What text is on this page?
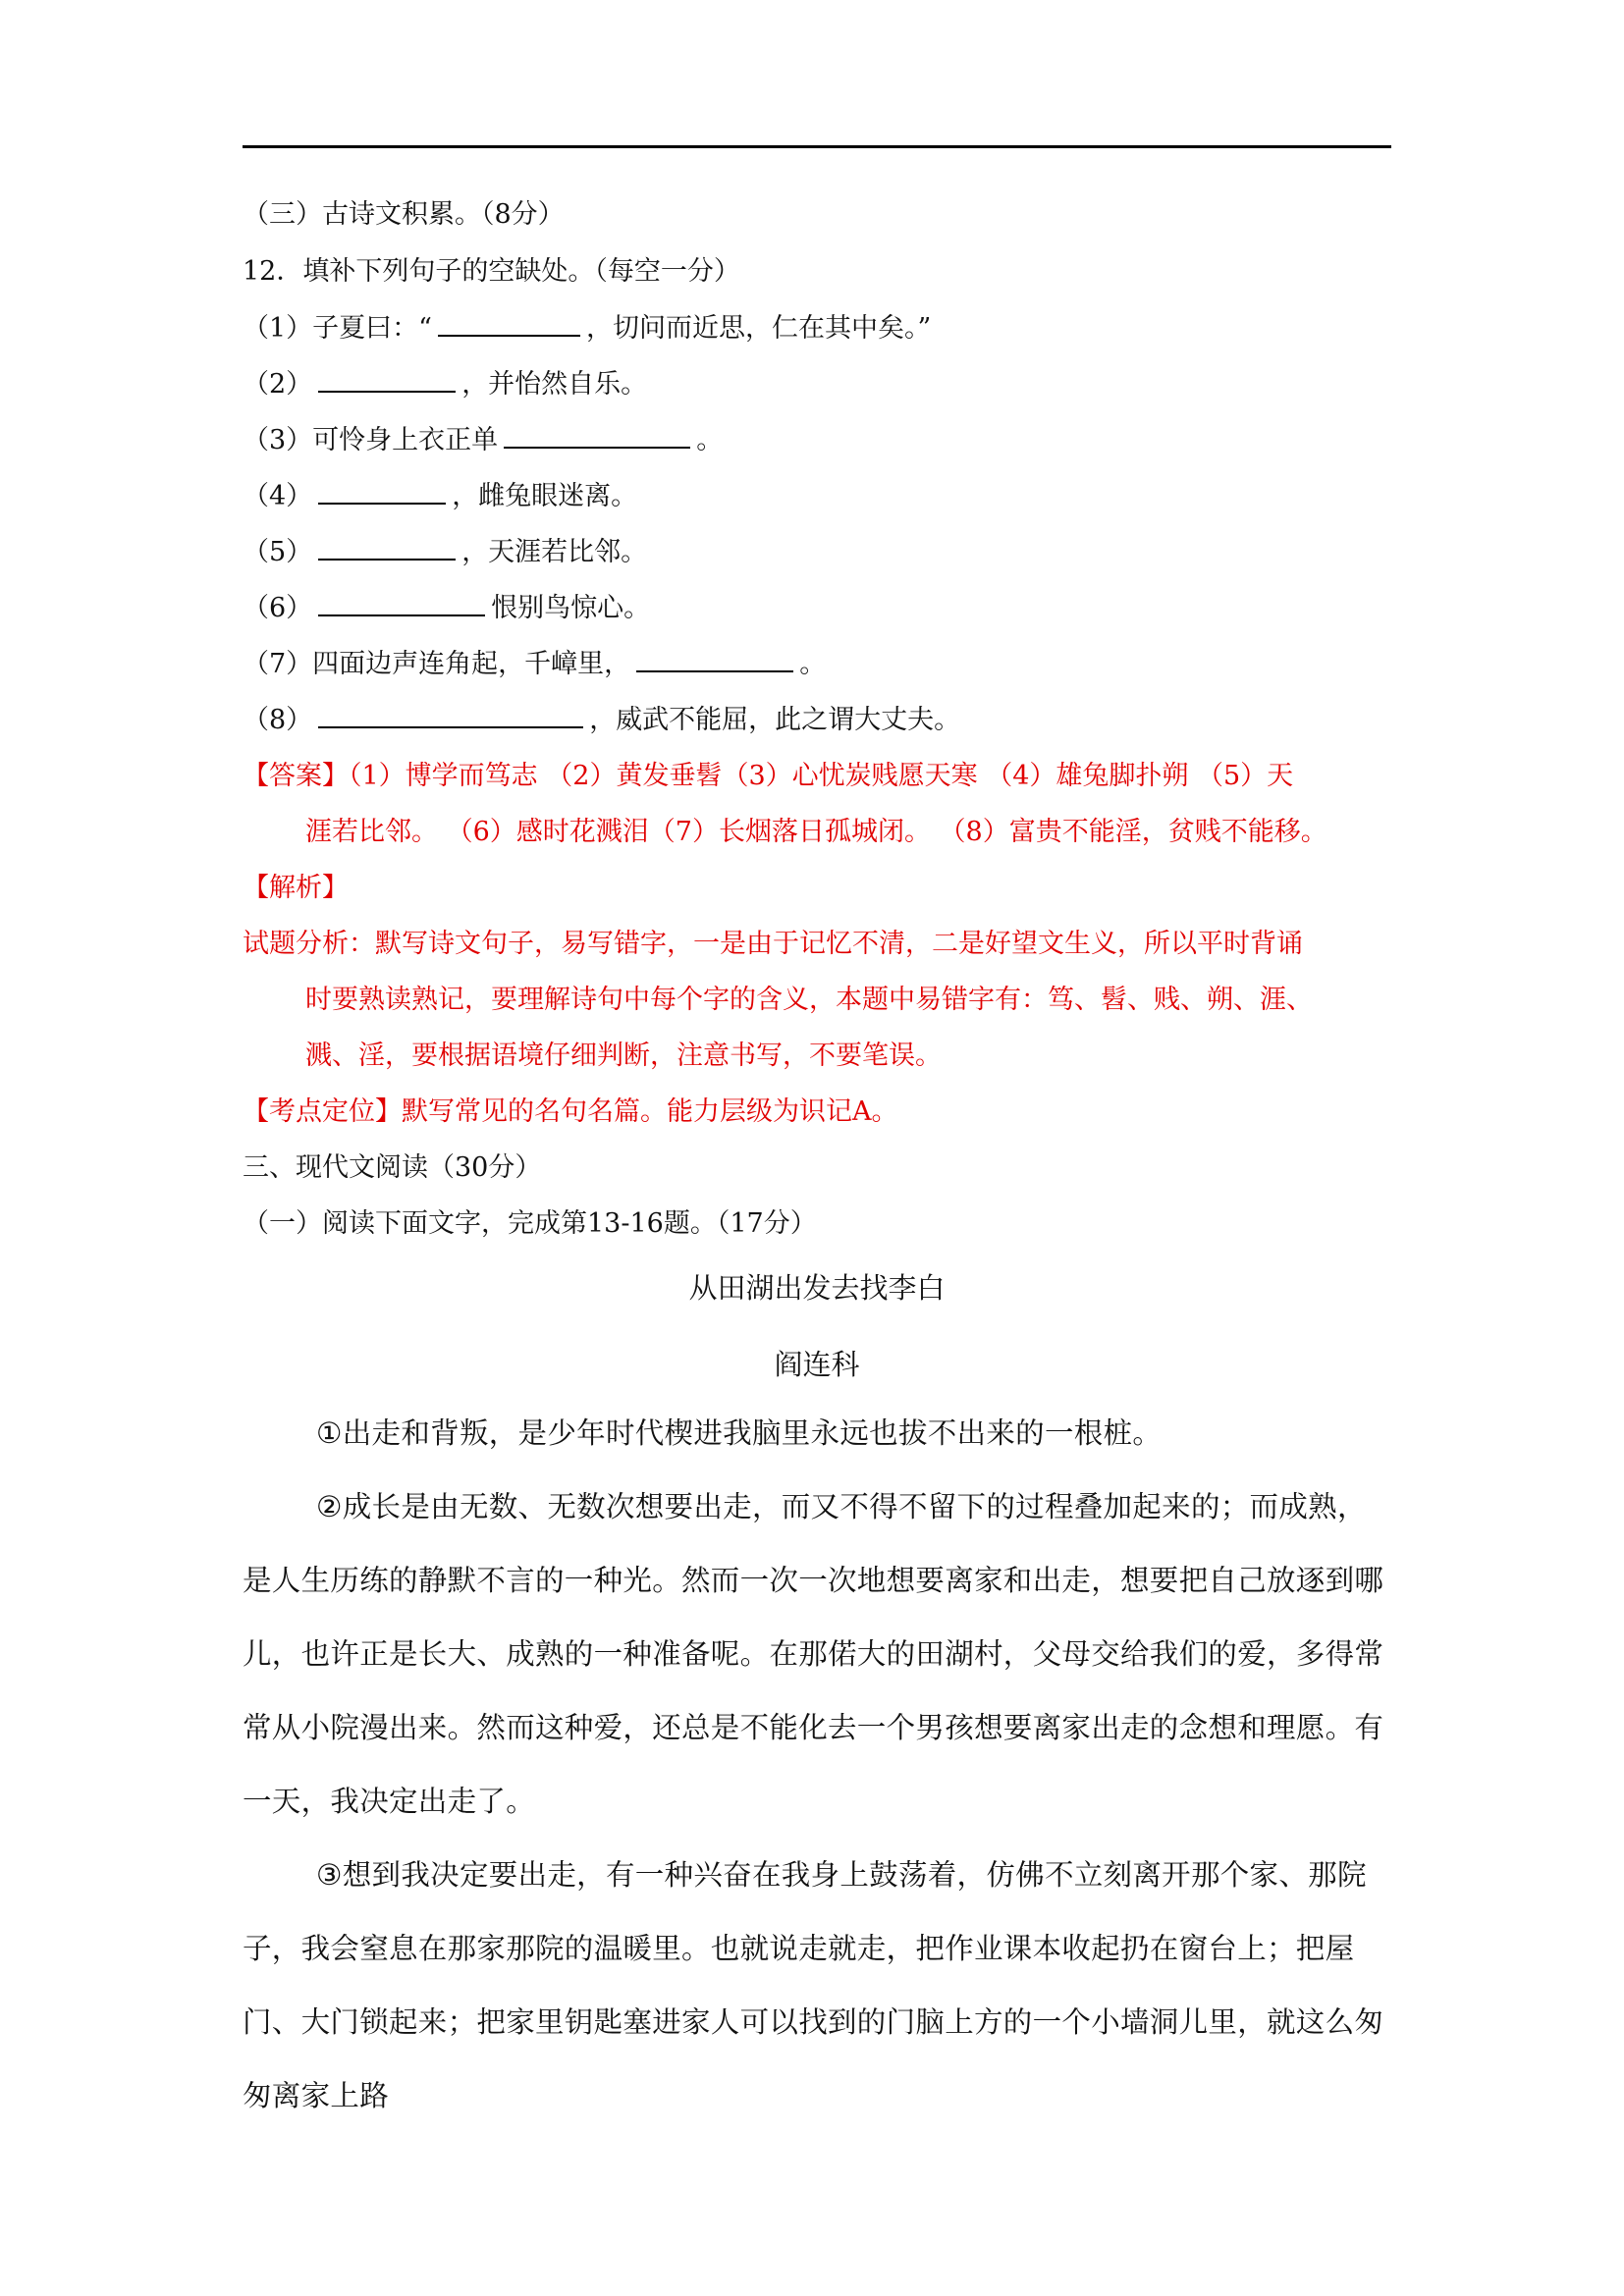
（三）古诗文积累。（8分）
12．填补下列句子的空缺处。（每空一分）
（1）子夏曰：“	，切问而近思，仁在其中矣。”
（2）	，并怡然自乐。
（3）可怜身上衣正单	。
（4）	，雌兔眼迷离。
（5）	，天涯若比邻。
（6）	恨别鸟惊心。
（7）四面边声连角起，千嶂里，	。
（8）	，威武不能屈，此之谓大丈夫。
【答案】（1）博学而笃志 （2）黄发垂髫（3）心忧炭贱愿天寒 （4）雄兔脚扑朔 （5）天
涯若比邻。 （6）感时花溅泪（7）长烟落日孤城闭。 （8）富贵不能淫，贫贱不能移。
【解析】
试题分析：默写诗文句子，易写错字，一是由于记忆不清，二是好望文生义，所以平时背诵
时要熟读熟记，要理解诗句中每个字的含义，本题中易错字有：笃、髫、贱、朔、涯、
溅、淫，要根据语境仔细判断，注意书写，不要笔误。
【考点定位】默写常见的名句名篇。能力层级为识记A。
三、现代文阅读（30分）
（一）阅读下面文字，完成第13-16题。（17分）
从田湖出发去找李白
阎连科

①出走和背叛，是少年时代楔进我脑里永远也拔不出来的一根桩。

②成长是由无数、无数次想要出走，而又不得不留下的过程叠加起来的；而成熟，是人生历练的静默不言的一种光。然而一次一次地想要离家和出走，想要把自己放逐到哪儿，也许正是长大、成熟的一种准备呢。在那偌大的田湖村，父母交给我们的爱，多得常常从小院漫出来。然而这种爱，还总是不能化去一个男孩想要离家出走的念想和理愿。有一天，我决定出走了。

③想到我决定要出走，有一种兴奋在我身上鼓荡着，仿佛不立刻离开那个家、那院子，我会窒息在那家那院的温暖里。也就说走就走，把作业课本收起扔在窗台上；把屋门、大门锁起来；把家里钥匙塞进家人可以找到的门脑上方的一个小墙洞儿里，就这么匆匆离家上路
